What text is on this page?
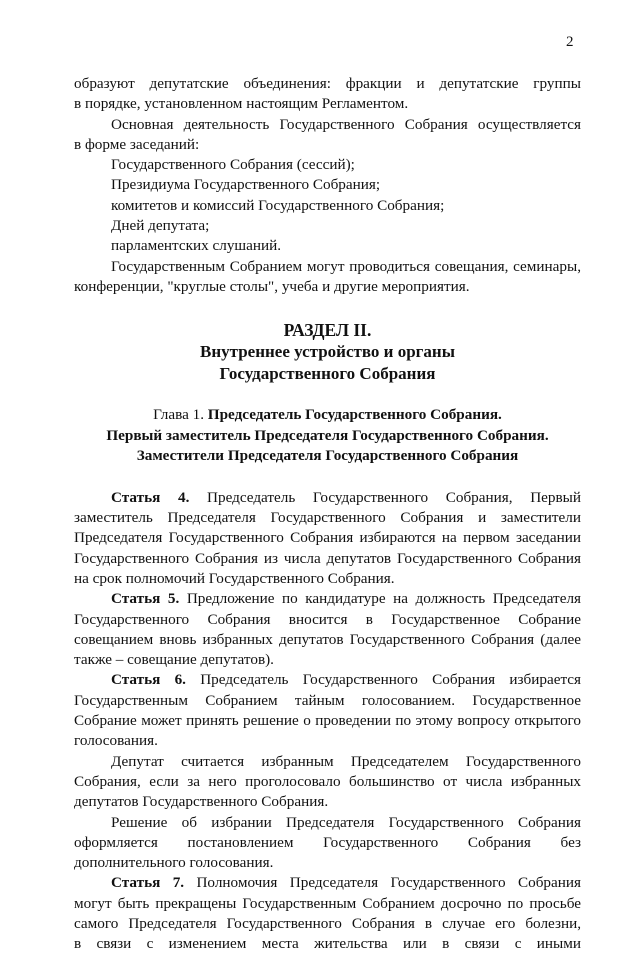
2

образуют депутатские объединения: фракции и депутатские группы

в порядке, установленном настоящим Регламентом.

Основная деятельность Государственного Собрания осуществляется

в форме заседаний:

Государственного Собрания (сессий);

Президиума Государственного Собрания;

комитетов и комиссий Государственного Собрания;

Дней депутата;

парламентских слушаний.

Государственным Собранием могут проводиться совещания, семинары,

конференции, "круглые столы", учеба и другие мероприятия.

РАЗДЕЛ II.
Внутреннее устройство и органы
Государственного Собрания
Глава 1. Председатель Государственного Собрания.
Первый заместитель Председателя Государственного Собрания.
Заместители Председателя Государственного Собрания

Статья 4. Председатель Государственного Собрания, Первый

заместитель Председателя Государственного Собрания и заместители

Председателя Государственного Собрания избираются на первом заседании

Государственного Собрания из числа депутатов Государственного Собрания

на срок полномочий Государственного Собрания.

Статья 5. Предложение по кандидатуре на должность Председателя

Государственного Собрания вносится в Государственное Собрание

совещанием вновь избранных депутатов Государственного Собрания (далее

также – совещание депутатов).

Статья 6. Председатель Государственного Собрания избирается

Государственным Собранием тайным голосованием. Государственное

Собрание может принять решение о проведении по этому вопросу открытого

голосования.

Депутат считается избранным Председателем Государственного

Собрания, если за него проголосовало большинство от числа избранных

депутатов Государственного Собрания.

Решение об избрании Председателя Государственного Собрания

оформляется постановлением Государственного Собрания без

дополнительного голосования.

Статья 7. Полномочия Председателя Государственного Собрания

могут быть прекращены Государственным Собранием досрочно по просьбе

самого Председателя Государственного Собрания в случае его болезни,

в связи с изменением места жительства или в связи с иными
